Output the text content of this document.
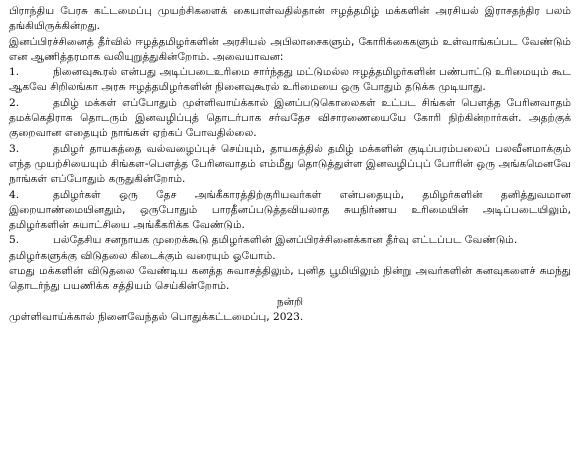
பிராந்திய பேரசு கட்டமைப்பு முயற்சிகளைக் கையாள்வதில்தான் ஈழத்தமிழ் மக்களின் அரசியல் இராசதந்திர பலம் தங்கியிருக்கின்றது.

இனப்பிரச்சினைத் தீர்வில் ஈழத்தமிழர்களின் அரசியல் அபிலாசைகளும், கோரிக்கைகளும் உள்வாங்கப்பட வேண்டும் என ஆணித்தரமாக வலியுறுத்துகின்றோம். அவையாவன:

1.	நினைவுகூரல் என்பது அடிப்படைஉரிமை சார்ந்தது மட்டுமல்ல ஈழத்தமிழர்களின் பண்பாட்டு உரிமையும் கூட ஆகவே சிறிலங்கா அரசு ஈழத்தமிழர்களின் நினைவுகூரல் உரிமையை ஒரு போதும் தடுக்க முடியாது.

2.	தமிழ் மக்கள் எப்போதும் முள்ளிவாய்க்கால் இனப்படுகொலைகள் உட்பட சிங்கள் பௌத்த பேரினவாதம் தமக்கெதிராக தொடரும் இனவழிப்புத் தொடர்பாக சர்வதேச விசாரணையையே கோரி நிற்கின்றார்கள். அதற்குக் குறைவான எதையும் நாங்கள் ஏற்கப் போவதில்லை.

3.	தமிழர் தாயகத்தை வல்வழைப்புச் செய்யும், தாயகத்தில் தமிழ் மக்களின் குடிப்பரம்பலைப் பலவீனமாக்கும் எந்த முயற்சியையும் சிங்கள-பௌத்த பேரினவாதம் எம்மீது தொடுத்துள்ள இனவழிப்புப் போரின் ஒரு அங்கமெனவே நாங்கள் எப்போதும் கருதுகின்றோம்.

4.	தமிழர்கள் ஒரு தேச அங்கீகாரத்திற்குரியவர்கள் என்பதையும், தமிழர்களின் தனித்துவமான இறையாண்மையினதும், ஒருபோதும் பாரதீனப்படுத்தவியலாத சுயநிர்ணய உரிமையின் அடிப்படையிலும், தமிழர்களின் சுயாட்சியை அங்கீகரிக்க வேண்டும்.

5.	பல்தேசிய சனநாயக முறைக்கூடு தமிழர்களின் இனப்பிரச்சினைக்கான தீர்வு எட்டப்பட வேண்டும்.

தமிழர்களுக்கு விடுதலை கிடைக்கும் வரையும் ஓயோம்.

எமது மக்களின் விடுதலை வேண்டிய கனத்த சுவாசத்திலும், புனித பூமியிலும் நின்று அவர்களின் கனவுகளைச் சுமந்து தொடர்ந்து பயணிக்க சத்தியம் செய்கின்றோம்.

நன்றி

முள்ளிவாய்க்கால் நினைவேந்தல் பொதுக்கட்டமைப்பு, 2023.
